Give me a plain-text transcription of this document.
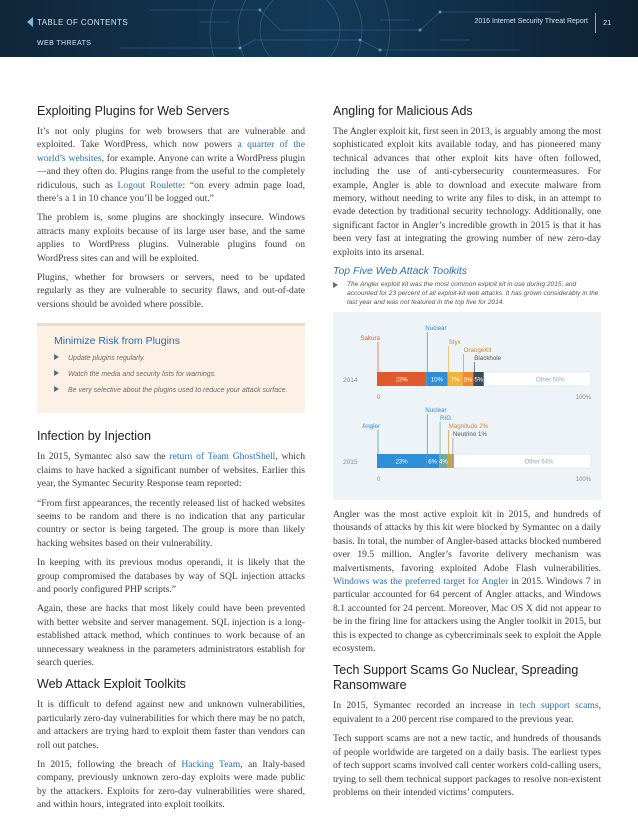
TABLE OF CONTENTS
WEB THREATS
2016 Internet Security Threat Report 21
Exploiting Plugins for Web Servers

It’s not only plugins for web browsers that are vulnerable and exploited. Take WordPress, which now powers a quarter of the world’s websites, for example. Anyone can write a WordPress plugin—and they often do. Plugins range from the useful to the completely ridiculous, such as Logout Roulette: “on every admin page load, there’s a 1 in 10 chance you’ll be logged out.”

The problem is, some plugins are shockingly insecure. Windows attracts many exploits because of its large user base, and the same applies to WordPress plugins. Vulnerable plugins found on WordPress sites can and will be exploited.

Plugins, whether for browsers or servers, need to be updated regularly as they are vulnerable to security flaws, and out-of-date versions should be avoided where possible.

Minimize Risk from Plugins
Update plugins regularly.
Watch the media and security lists for warnings.
Be very selective about the plugins used to reduce your attack surface.
Infection by Injection

In 2015, Symantec also saw the return of Team GhostShell, which claims to have hacked a significant number of websites. Earlier this year, the Symantec Security Response team reported:

“From first appearances, the recently released list of hacked websites seems to be random and there is no indication that any particular country or sector is being targeted. The group is more than likely hacking websites based on their vulnerability.

In keeping with its previous modus operandi, it is likely that the group compromised the databases by way of SQL injection attacks and poorly configured PHP scripts.”

Again, these are hacks that most likely could have been prevented with better website and server management. SQL injection is a long-established attack method, which continues to work because of an unnecessary weakness in the parameters administrators establish for search queries.

Web Attack Exploit Toolkits

It is difficult to defend against new and unknown vulnerabilities, particularly zero-day vulnerabilities for which there may be no patch, and attackers are trying hard to exploit them faster than vendors can roll out patches.

In 2015, following the breach of Hacking Team, an Italy-based company, previously unknown zero-day exploits were made public by the attackers. Exploits for zero-day vulnerabilities were shared, and within hours, integrated into exploit toolkits.

Angling for Malicious Ads

The Angler exploit kit, first seen in 2013, is arguably among the most sophisticated exploit kits available today, and has pioneered many technical advances that other exploit kits have often followed, including the use of anti-cybersecurity countermeasures. For example, Angler is able to download and execute malware from memory, without needing to write any files to disk, in an attempt to evade detection by traditional security technology. Additionally, one significant factor in Angler’s incredible growth in 2015 is that it has been very fast at integrating the growing number of new zero-day exploits into its arsenal.

Top Five Web Attack Toolkits
The Angler exploit kit was the most common exploit kit in use during 2015, and accounted for 23 percent of all exploit-kit web attacks. It has grown considerably in the last year and was not featured in the top five for 2014.
2014	23%
Sakura
10%
Nuclear
7%
Styx
5%
OrangeKit
5%
Blackhole
Other 50%
0	100%
2015	23%
Angler
6%
Nuclear
4%
RIG
Magnitude 2%
Neutrino 1%
Other 64%
0	100%

Angler was the most active exploit kit in 2015, and hundreds of thousands of attacks by this kit were blocked by Symantec on a daily basis. In total, the number of Angler-based attacks blocked numbered over 19.5 million. Angler’s favorite delivery mechanism was malvertisments, favoring exploited Adobe Flash vulnerabilities. Windows was the preferred target for Angler in 2015. Windows 7 in particular accounted for 64 percent of Angler attacks, and Windows 8.1 accounted for 24 percent. Moreover, Mac OS X did not appear to be in the firing line for attackers using the Angler toolkit in 2015, but this is expected to change as cybercriminals seek to exploit the Apple ecosystem.

Tech Support Scams Go Nuclear, Spreading Ransomware

In 2015, Symantec recorded an increase in tech support scams, equivalent to a 200 percent rise compared to the previous year.

Tech support scams are not a new tactic, and hundreds of thousands of people worldwide are targeted on a daily basis. The earliest types of tech support scams involved call center workers cold-calling users, trying to sell them technical support packages to resolve non-existent problems on their intended victims’ computers.
